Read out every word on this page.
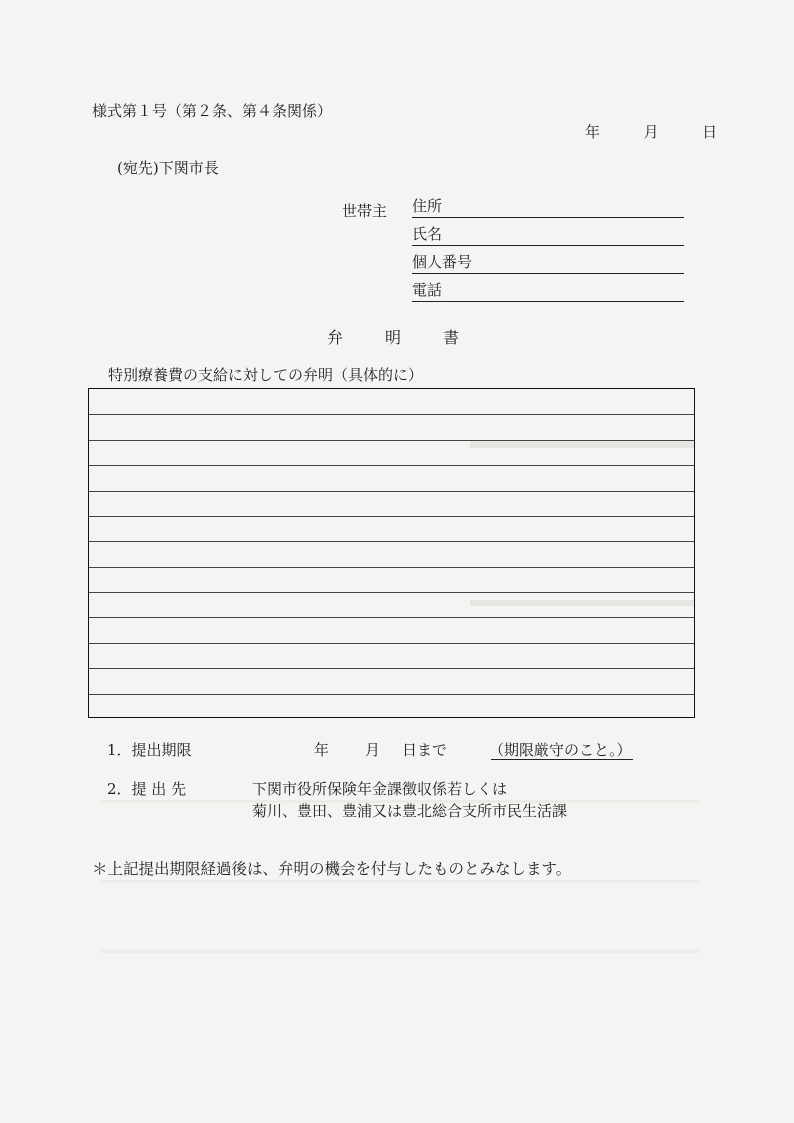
様式第１号（第２条、第４条関係）
年	月	日
(宛先)下関市長
世帯主 住所
氏名
個人番号
電話
弁	明	書
特別療養費の支給に対しての弁明（具体的に）
1．提出期限	年 月 日まで	（期限厳守のこと。）
2．提 出 先	下関市役所保険年金課徴収係若しくは
菊川、豊田、豊浦又は豊北総合支所市民生活課
＊上記提出期限経過後は、弁明の機会を付与したものとみなします。
